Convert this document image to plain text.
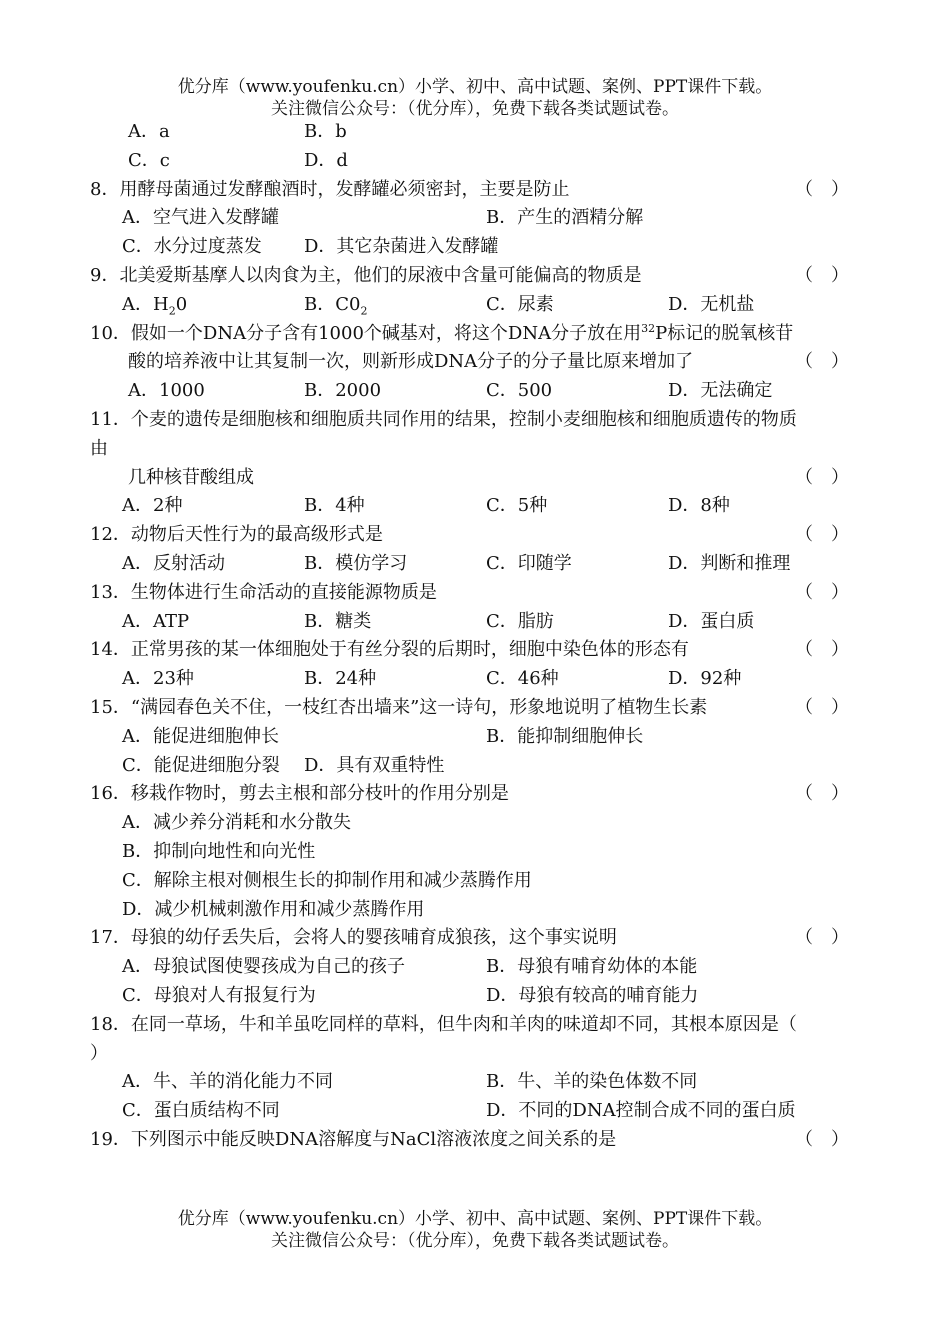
优分库（www.youfenku.cn）小学、初中、高中试题、案例、PPT课件下载。
关注微信公众号：（优分库），免费下载各类试题试卷。
A．a	B．b
C．c	D．d
8．用酵母菌通过发酵酿酒时，发酵罐必须密封，主要是防止	（　）
A．空气进入发酵罐	B．产生的酒精分解
C．水分过度蒸发 D．其它杂菌进入发酵罐
9．北美爱斯基摩人以肉食为主，他们的尿液中含量可能偏高的物质是	（　）
A．$H_20$	B．$C0_2$	C．尿素	D．无机盐
10．假如一个DNA分子含有1000个碱基对，将这个DNA分子放在用$^{32}$P标记的脱氧核苷
酸的培养液中让其复制一次，则新形成DNA分子的分子量比原来增加了	（　）
A．1000	B．2000	C．500	D．无法确定
11．个麦的遗传是细胞核和细胞质共同作用的结果，控制小麦细胞核和细胞质遗传的物质
由
几种核苷酸组成	（　）
A．2种	B．4种	C．5种	D．8种
12．动物后天性行为的最高级形式是	（　）
A．反射活动	B．模仿学习	C．印随学	D．判断和推理
13．生物体进行生命活动的直接能源物质是	（　）
A．ATP	B．糖类	C．脂肪	D．蛋白质
14．正常男孩的某一体细胞处于有丝分裂的后期时，细胞中染色体的形态有	（　）
A．23种	B．24种	C．46种	D．92种
15．“满园春色关不住，一枝红杏出墙来”这一诗句，形象地说明了植物生长素	（　）
A．能促进细胞伸长	B．能抑制细胞伸长
C．能促进细胞分裂 D．具有双重特性
16．移栽作物时，剪去主根和部分枝叶的作用分别是	（　）
A．减少养分消耗和水分散失
B．抑制向地性和向光性
C．解除主根对侧根生长的抑制作用和减少蒸腾作用
D．减少机械刺激作用和减少蒸腾作用
17．母狼的幼仔丢失后，会将人的婴孩哺育成狼孩，这个事实说明	（　）
A．母狼试图使婴孩成为自己的孩子	B．母狼有哺育幼体的本能
C．母狼对人有报复行为	D．母狼有较高的哺育能力
18．在同一草场，牛和羊虽吃同样的草料，但牛肉和羊肉的味道却不同，其根本原因是（
）
A．牛、羊的消化能力不同	B．牛、羊的染色体数不同
C．蛋白质结构不同	D．不同的DNA控制合成不同的蛋白质
19．下列图示中能反映DNA溶解度与NaCl溶液浓度之间关系的是	（　）
优分库（www.youfenku.cn）小学、初中、高中试题、案例、PPT课件下载。
关注微信公众号：（优分库），免费下载各类试题试卷。
